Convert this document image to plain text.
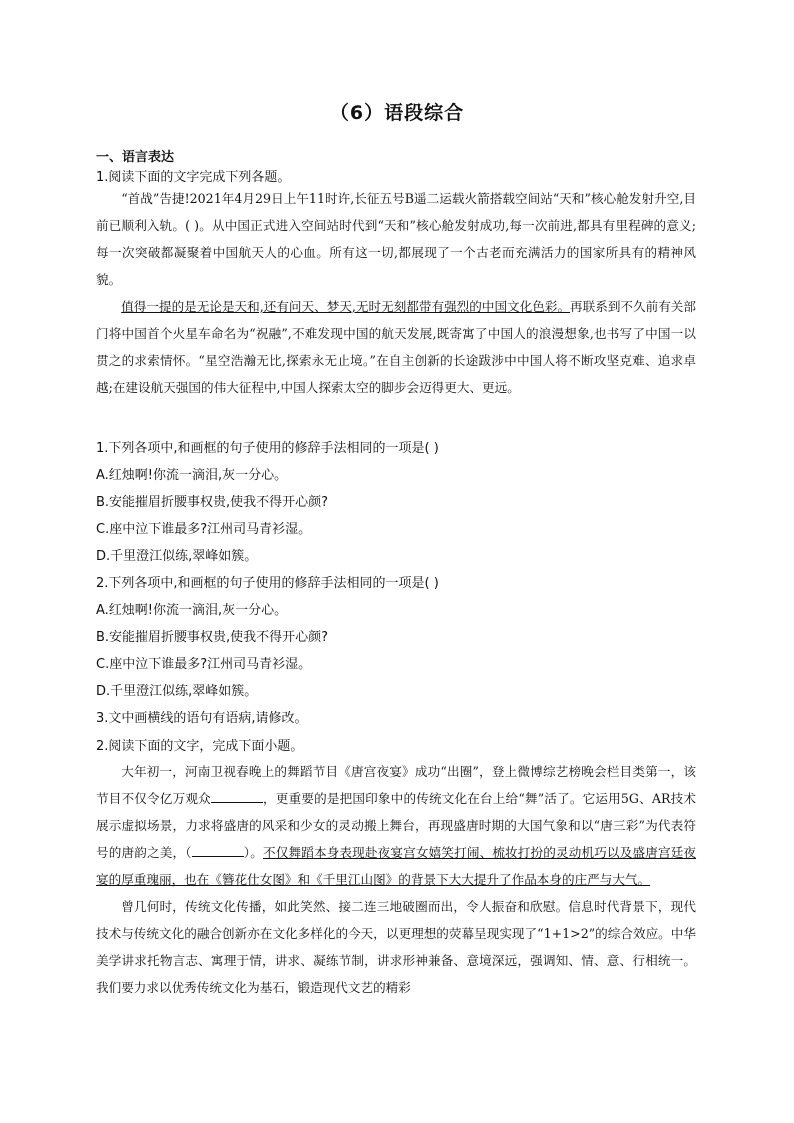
（6）语段综合
一、语言表达
1.阅读下面的文字完成下列各题。

“首战”告捷!2021年4月29日上午11时许,长征五号B遥二运载火箭搭载空间站“天和”核心舱发射升空,目前已顺利入轨。( )。从中国正式进入空间站时代到“天和”核心舱发射成功,每一次前进,都具有里程碑的意义;每一次突破都凝聚着中国航天人的心血。所有这一切,都展现了一个古老而充满活力的国家所具有的精神风貌。

值得一提的是无论是天和,还有问天、梦天,无时无刻都带有强烈的中国文化色彩。再联系到不久前有关部门将中国首个火星车命名为“祝融”,不难发现中国的航天发展,既寄寓了中国人的浪漫想象,也书写了中国一以贯之的求索情怀。“星空浩瀚无比,探索永无止境。”在自主创新的长途跋涉中中国人将不断攻坚克难、追求卓越;在建设航天强国的伟大征程中,中国人探索太空的脚步会迈得更大、更远。

1.下列各项中,和画框的句子使用的修辞手法相同的一项是( )
A.红烛啊!你流一滴泪,灰一分心。
B.安能摧眉折腰事权贵,使我不得开心颜?
C.座中泣下谁最多?江州司马青衫湿。
D.千里澄江似练,翠峰如簇。
2.下列各项中,和画框的句子使用的修辞手法相同的一项是( )
A.红烛啊!你流一滴泪,灰一分心。
B.安能摧眉折腰事权贵,使我不得开心颜?
C.座中泣下谁最多?江州司马青衫湿。
D.千里澄江似练,翠峰如簇。
3.文中画横线的语句有语病,请修改。
2.阅读下面的文字，完成下面小题。

大年初一，河南卫视春晚上的舞蹈节目《唐宫夜宴》成功“出圈”，登上微博综艺榜晚会栏目类第一，该节目不仅令亿万观众	，更重要的是把国印象中的传统文化在台上给“舞”活了。它运用5G、AR技术展示虚拟场景，力求将盛唐的风采和少女的灵动搬上舞台，再现盛唐时期的大国气象和以“唐三彩”为代表符号的唐韵之美，（	）。不仅舞蹈本身表现赴夜宴宫女嬉笑打闹、梳妆打扮的灵动机巧以及盛唐宫廷夜宴的厚重瑰丽，也在《簪花仕女图》和《千里江山图》的背景下大大提升了作品本身的庄严与大气。

曾几何时，传统文化传播，如此笑然、接二连三地破圈而出，令人振奋和欣慰。信息时代背景下，现代技术与传统文化的融合创新亦在文化多样化的今天，以更理想的荧幕呈现实现了“1+1>2”的综合效应。中华美学讲求托物言志、寓理于情，讲求、凝练节制，讲求形神兼备、意境深远，强调知、情、意、行相统一。我们要力求以优秀传统文化为基石，锻造现代文艺的精彩
